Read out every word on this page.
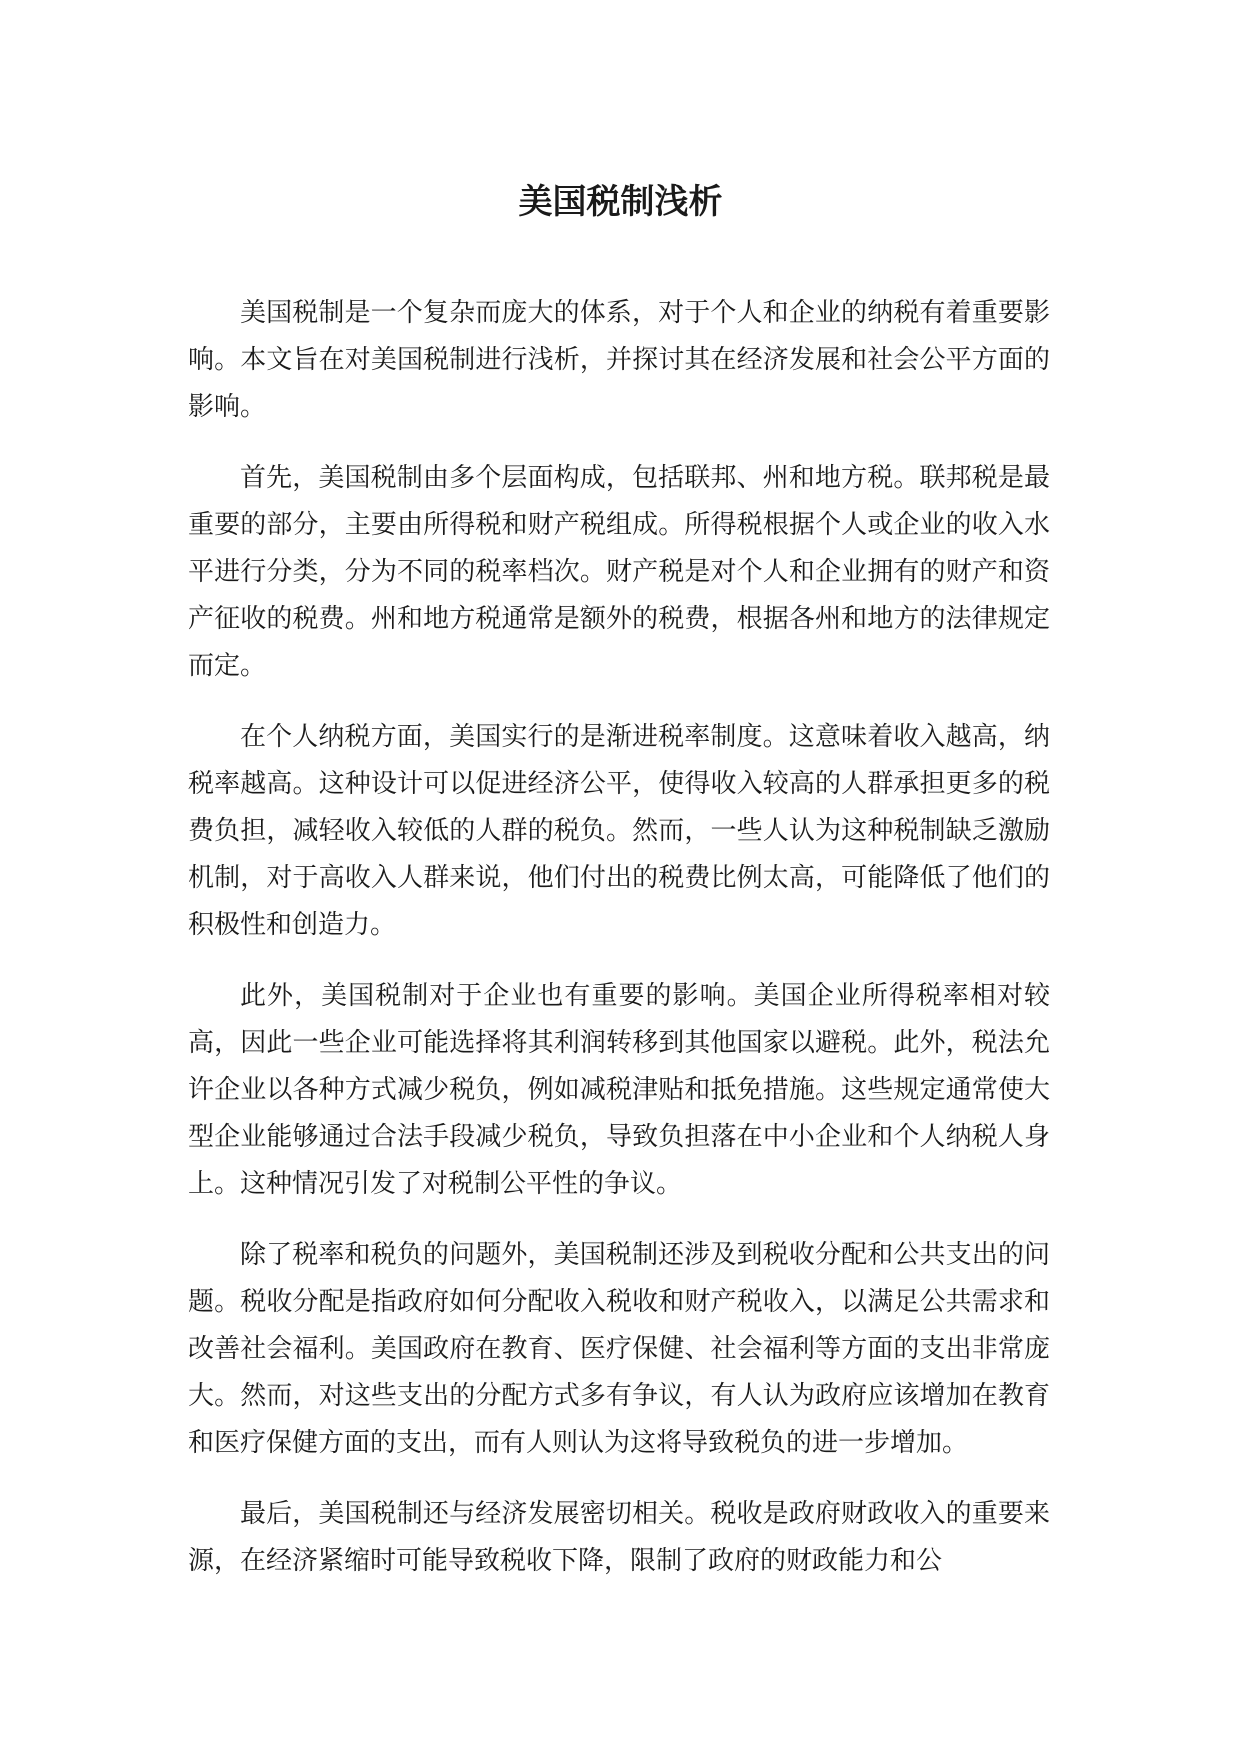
美国税制浅析

美国税制是一个复杂而庞大的体系，对于个人和企业的纳税有着重要影响。本文旨在对美国税制进行浅析，并探讨其在经济发展和社会公平方面的影响。

首先，美国税制由多个层面构成，包括联邦、州和地方税。联邦税是最重要的部分，主要由所得税和财产税组成。所得税根据个人或企业的收入水平进行分类，分为不同的税率档次。财产税是对个人和企业拥有的财产和资产征收的税费。州和地方税通常是额外的税费，根据各州和地方的法律规定而定。

在个人纳税方面，美国实行的是渐进税率制度。这意味着收入越高，纳税率越高。这种设计可以促进经济公平，使得收入较高的人群承担更多的税费负担，减轻收入较低的人群的税负。然而，一些人认为这种税制缺乏激励机制，对于高收入人群来说，他们付出的税费比例太高，可能降低了他们的积极性和创造力。

此外，美国税制对于企业也有重要的影响。美国企业所得税率相对较高，因此一些企业可能选择将其利润转移到其他国家以避税。此外，税法允许企业以各种方式减少税负，例如减税津贴和抵免措施。这些规定通常使大型企业能够通过合法手段减少税负，导致负担落在中小企业和个人纳税人身上。这种情况引发了对税制公平性的争议。

除了税率和税负的问题外，美国税制还涉及到税收分配和公共支出的问题。税收分配是指政府如何分配收入税收和财产税收入，以满足公共需求和改善社会福利。美国政府在教育、医疗保健、社会福利等方面的支出非常庞大。然而，对这些支出的分配方式多有争议，有人认为政府应该增加在教育和医疗保健方面的支出，而有人则认为这将导致税负的进一步增加。

最后，美国税制还与经济发展密切相关。税收是政府财政收入的重要来源，在经济紧缩时可能导致税收下降，限制了政府的财政能力和公
